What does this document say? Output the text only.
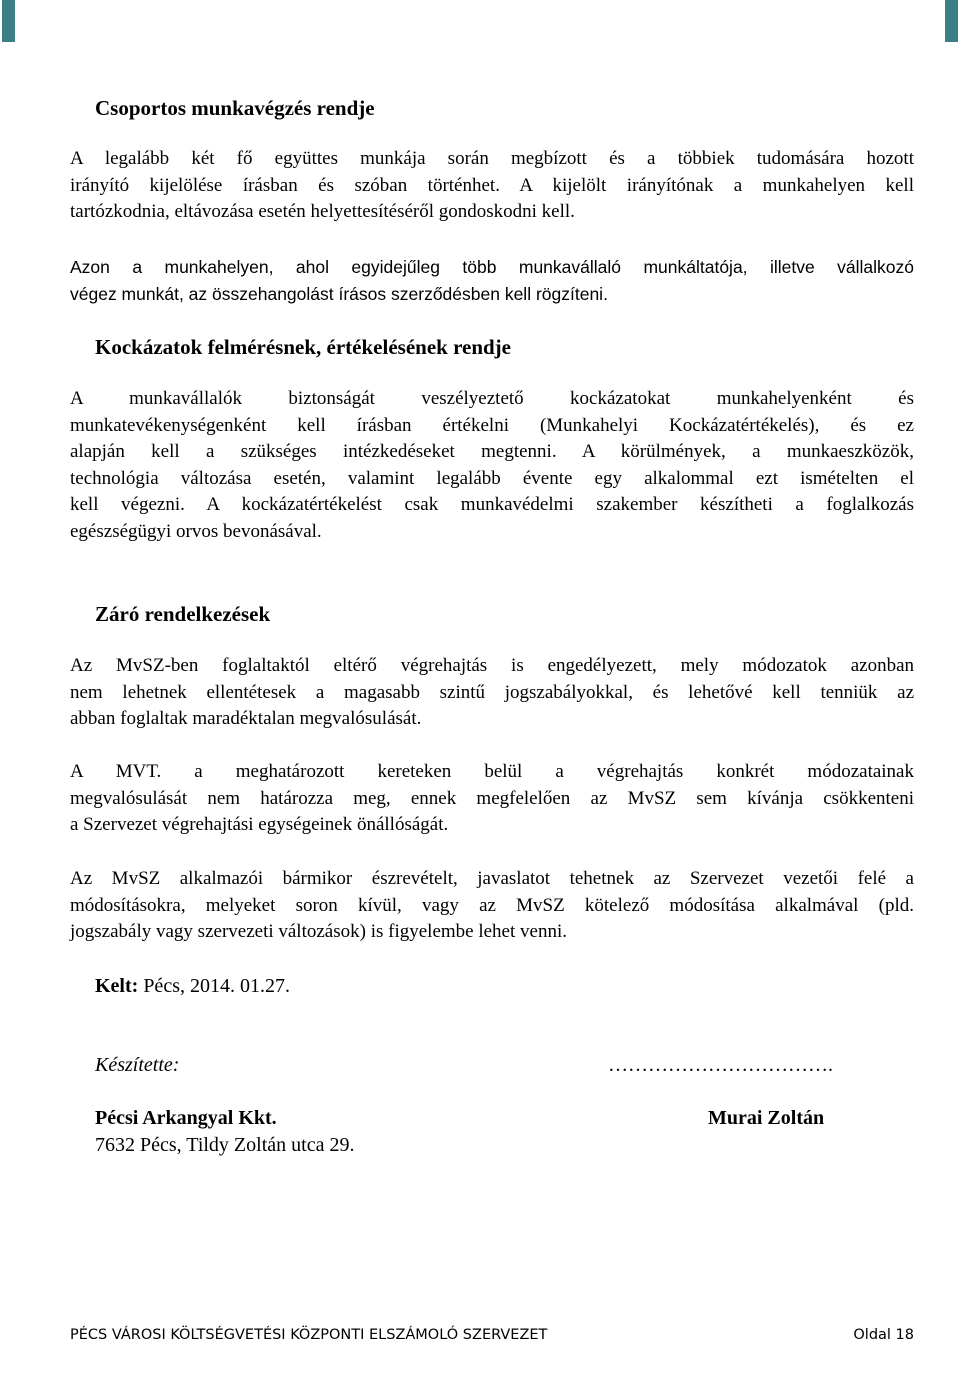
Csoportos munkavégzés rendje
A legalább két fő együttes munkája során megbízott és a többiek tudomására hozott
irányító kijelölése írásban és szóban történhet. A kijelölt irányítónak a munkahelyen kell
tartózkodnia, eltávozása esetén helyettesítéséről gondoskodni kell.
Azon a munkahelyen, ahol egyidejűleg több munkavállaló munkáltatója, illetve vállalkozó
végez munkát, az összehangolást írásos szerződésben kell rögzíteni.
Kockázatok felmérésnek, értékelésének rendje
A munkavállalók biztonságát veszélyeztető kockázatokat munkahelyenként és
munkatevékenységenként kell írásban értékelni (Munkahelyi Kockázatértékelés), és ez
alapján kell a szükséges intézkedéseket megtenni. A körülmények, a munkaeszközök,
technológia változása esetén, valamint legalább évente egy alkalommal ezt ismételten el
kell végezni. A kockázatértékelést csak munkavédelmi szakember készítheti a foglalkozás
egészségügyi orvos bevonásával.
Záró rendelkezések
Az MvSZ-ben foglaltaktól eltérő végrehajtás is engedélyezett, mely módozatok azonban
nem lehetnek ellentétesek a magasabb szintű jogszabályokkal, és lehetővé kell tenniük az
abban foglaltak maradéktalan megvalósulását.
A MVT. a meghatározott kereteken belül a végrehajtás konkrét módozatainak
megvalósulását nem határozza meg, ennek megfelelően az MvSZ sem kívánja csökkenteni
a Szervezet végrehajtási egységeinek önállóságát.
Az MvSZ alkalmazói bármikor észrevételt, javaslatot tehetnek az Szervezet vezetői felé a
módosításokra, melyeket soron kívül, vagy az MvSZ kötelező módosítása alkalmával (pld.
jogszabály vagy szervezeti változások) is figyelembe lehet venni.
Kelt: Pécs, 2014. 01.27.
Készítette:	…………………………….
Pécsi Arkangyal Kkt.
7632 Pécs, Tildy Zoltán utca 29.
Murai Zoltán
PÉCS VÁROSI KÖLTSÉGVETÉSI KÖZPONTI ELSZÁMOLÓ SZERVEZET	Oldal 18
